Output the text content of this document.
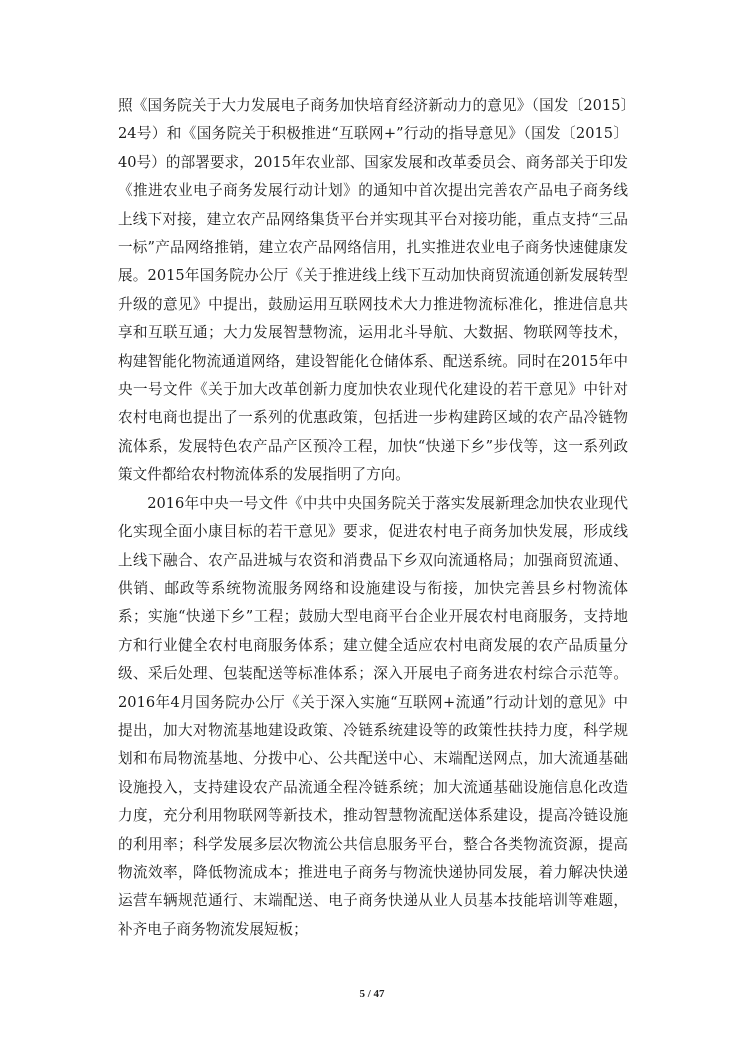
照《国务院关于大力发展电子商务加快培育经济新动力的意见》（国发〔2015〕24号）和《国务院关于积极推进“互联网+”行动的指导意见》（国发〔2015〕40号）的部署要求，2015年农业部、国家发展和改革委员会、商务部关于印发《推进农业电子商务发展行动计划》的通知中首次提出完善农产品电子商务线上线下对接，建立农产品网络集货平台并实现其平台对接功能，重点支持“三品一标”产品网络推销，建立农产品网络信用，扎实推进农业电子商务快速健康发展。2015年国务院办公厅《关于推进线上线下互动加快商贸流通创新发展转型升级的意见》中提出，鼓励运用互联网技术大力推进物流标准化，推进信息共享和互联互通；大力发展智慧物流，运用北斗导航、大数据、物联网等技术，构建智能化物流通道网络，建设智能化仓储体系、配送系统。同时在2015年中央一号文件《关于加大改革创新力度加快农业现代化建设的若干意见》中针对农村电商也提出了一系列的优惠政策，包括进一步构建跨区域的农产品冷链物流体系，发展特色农产品产区预冷工程，加快“快递下乡”步伐等，这一系列政策文件都给农村物流体系的发展指明了方向。

2016年中央一号文件《中共中央国务院关于落实发展新理念加快农业现代化实现全面小康目标的若干意见》要求，促进农村电子商务加快发展，形成线上线下融合、农产品进城与农资和消费品下乡双向流通格局；加强商贸流通、供销、邮政等系统物流服务网络和设施建设与衔接，加快完善县乡村物流体系；实施“快递下乡”工程；鼓励大型电商平台企业开展农村电商服务，支持地方和行业健全农村电商服务体系；建立健全适应农村电商发展的农产品质量分级、采后处理、包装配送等标准体系；深入开展电子商务进农村综合示范等。2016年4月国务院办公厅《关于深入实施“互联网+流通”行动计划的意见》中提出，加大对物流基地建设政策、冷链系统建设等的政策性扶持力度，科学规划和布局物流基地、分拨中心、公共配送中心、末端配送网点，加大流通基础设施投入，支持建设农产品流通全程冷链系统；加大流通基础设施信息化改造力度，充分利用物联网等新技术，推动智慧物流配送体系建设，提高冷链设施的利用率；科学发展多层次物流公共信息服务平台，整合各类物流资源，提高物流效率，降低物流成本；推进电子商务与物流快递协同发展，着力解决快递运营车辆规范通行、末端配送、电子商务快递从业人员基本技能培训等难题，补齐电子商务物流发展短板；

5 / 47
